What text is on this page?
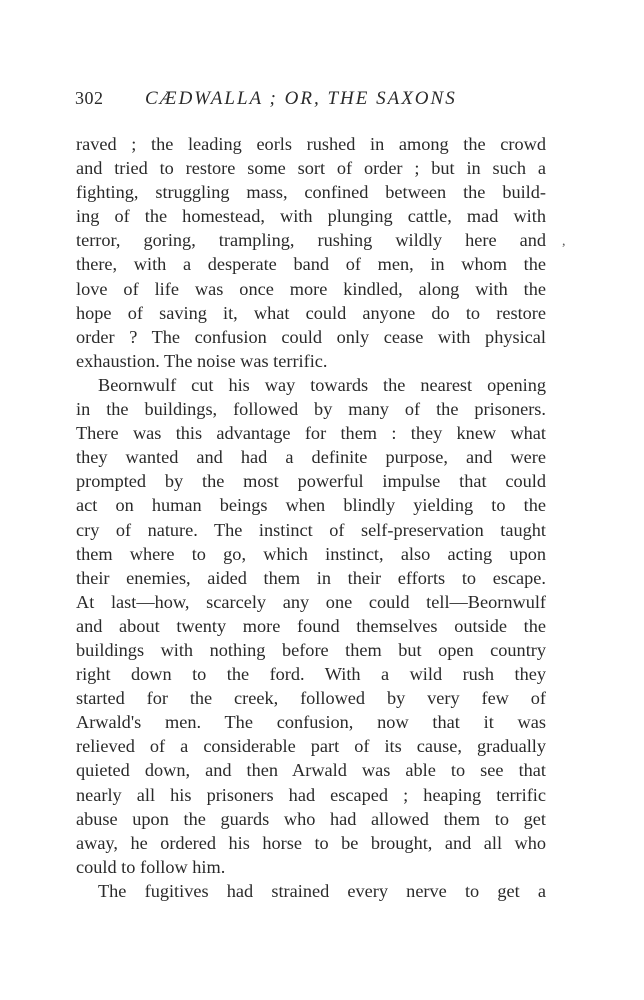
302 CÆDWALLA ; OR, THE SAXONS
,
raved ; the leading eorls rushed in among the crowd
and tried to restore some sort of order ; but in such a
fighting, struggling mass, confined between the build-
ing of the homestead, with plunging cattle, mad with
terror, goring, trampling, rushing wildly here and
there, with a desperate band of men, in whom the
love of life was once more kindled, along with the
hope of saving it, what could anyone do to restore
order ? The confusion could only cease with physical
exhaustion. The noise was terrific.
Beornwulf cut his way towards the nearest opening
in the buildings, followed by many of the prisoners.
There was this advantage for them : they knew what
they wanted and had a definite purpose, and were
prompted by the most powerful impulse that could
act on human beings when blindly yielding to the
cry of nature. The instinct of self-preservation taught
them where to go, which instinct, also acting upon
their enemies, aided them in their efforts to escape.
At last—how, scarcely any one could tell—Beornwulf
and about twenty more found themselves outside the
buildings with nothing before them but open country
right down to the ford. With a wild rush they
started for the creek, followed by very few of
Arwald's men. The confusion, now that it was
relieved of a considerable part of its cause, gradually
quieted down, and then Arwald was able to see that
nearly all his prisoners had escaped ; heaping terrific
abuse upon the guards who had allowed them to get
away, he ordered his horse to be brought, and all who
could to follow him.
The fugitives had strained every nerve to get a
